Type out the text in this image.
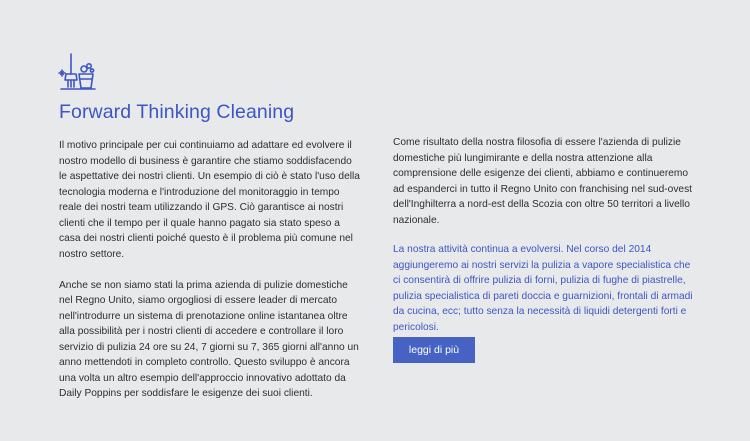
Forward Thinking Cleaning

Il motivo principale per cui continuiamo ad adattare ed evolvere il nostro modello di business è garantire che stiamo soddisfacendo le aspettative dei nostri clienti. Un esempio di ciò è stato l'uso della tecnologia moderna e l'introduzione del monitoraggio in tempo reale dei nostri team utilizzando il GPS. Ciò garantisce ai nostri clienti che il tempo per il quale hanno pagato sia stato speso a casa dei nostri clienti poiché questo è il problema più comune nel nostro settore.

Anche se non siamo stati la prima azienda di pulizie domestiche nel Regno Unito, siamo orgogliosi di essere leader di mercato nell'introdurre un sistema di prenotazione online istantanea oltre alla possibilità per i nostri clienti di accedere e controllare il loro servizio di pulizia 24 ore su 24, 7 giorni su 7, 365 giorni all'anno un anno mettendoti in completo controllo. Questo sviluppo è ancora una volta un altro esempio dell'approccio innovativo adottato da Daily Poppins per soddisfare le esigenze dei suoi clienti.

Come risultato della nostra filosofia di essere l'azienda di pulizie domestiche più lungimirante e della nostra attenzione alla comprensione delle esigenze dei clienti, abbiamo e continueremo ad espanderci in tutto il Regno Unito con franchising nel sud-ovest dell'Inghilterra a nord-est della Scozia con oltre 50 territori a livello nazionale.

La nostra attività continua a evolversi. Nel corso del 2014 aggiungeremo ai nostri servizi la pulizia a vapore specialistica che ci consentirà di offrire pulizia di forni, pulizia di fughe di piastrelle, pulizia specialistica di pareti doccia e guarnizioni, frontali di armadi da cucina, ecc; tutto senza la necessità di liquidi detergenti forti e pericolosi.

leggi di più
